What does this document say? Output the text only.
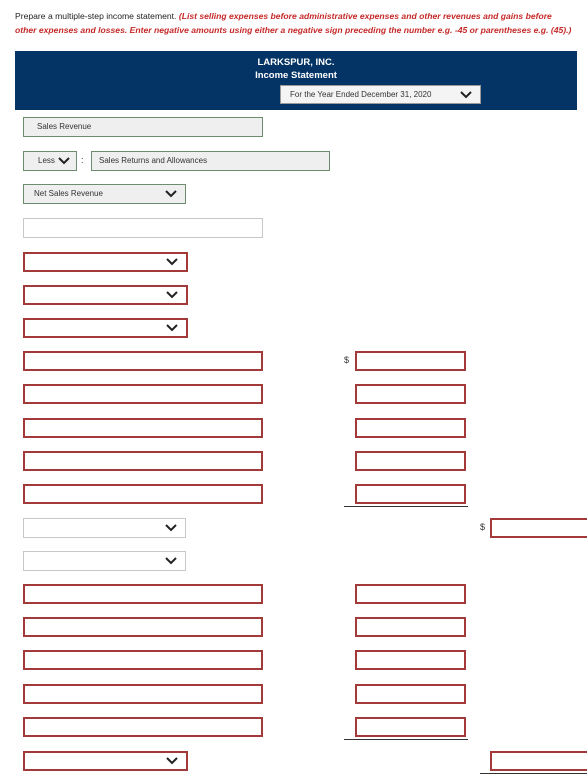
Prepare a multiple-step income statement. (List selling expenses before administrative expenses and other revenues and gains before other expenses and losses. Enter negative amounts using either a negative sign preceding the number e.g. -45 or parentheses e.g. (45).)
LARKSPUR, INC.
Income Statement
For the Year Ended December 31, 2020
Sales Revenue
Less	:	Sales Returns and Allowances
Net Sales Revenue
$
$
